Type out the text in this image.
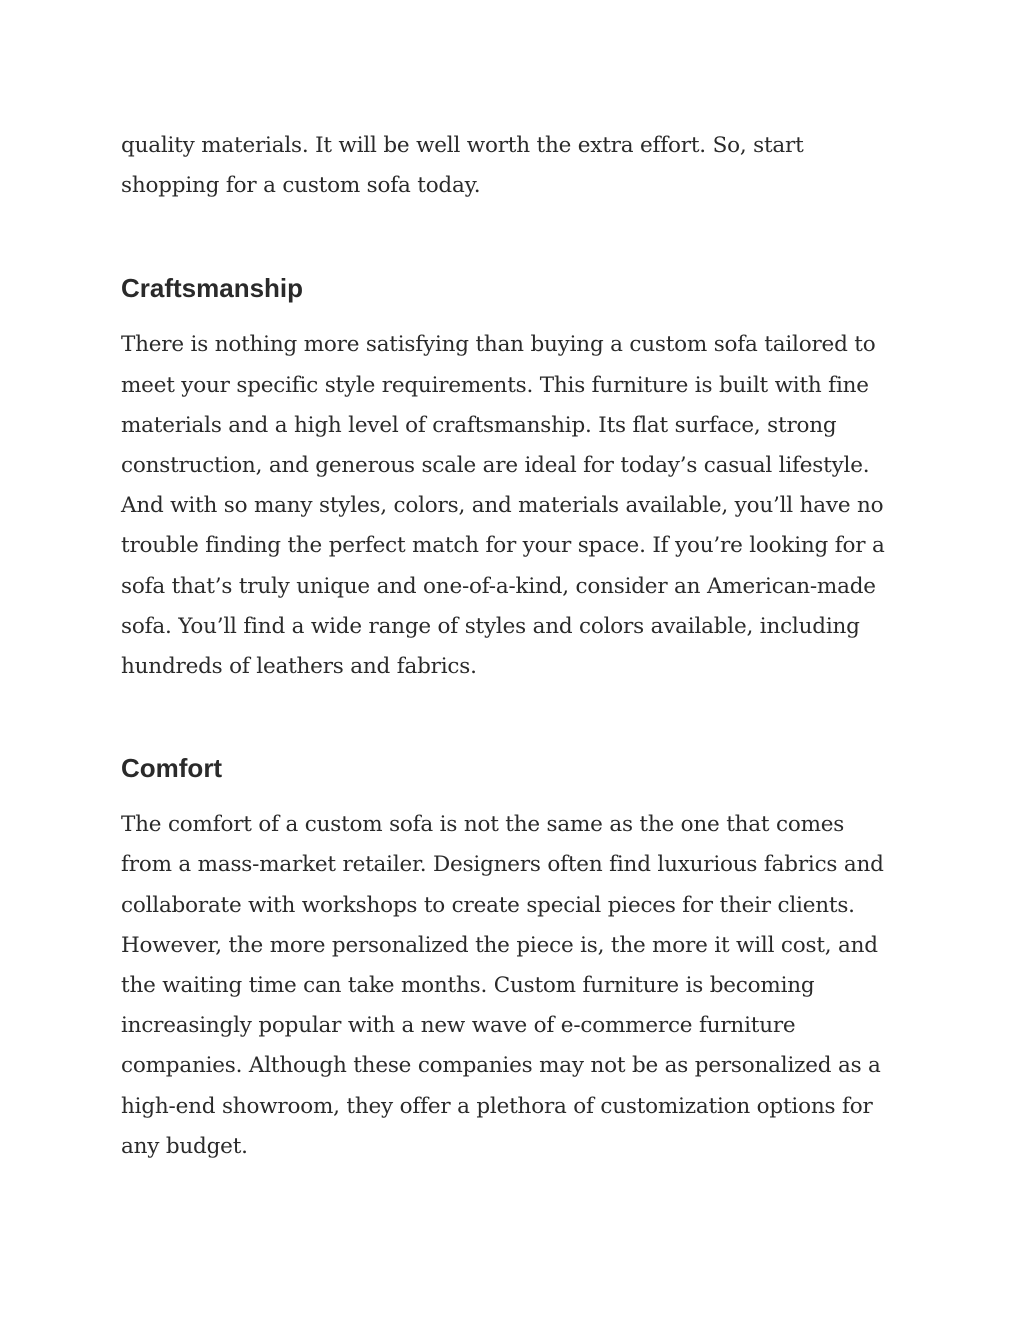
quality materials. It will be well worth the extra effort. So, start
shopping for a custom sofa today.

Craftsmanship

There is nothing more satisfying than buying a custom sofa tailored to
meet your specific style requirements. This furniture is built with fine
materials and a high level of craftsmanship. Its flat surface, strong
construction, and generous scale are ideal for today’s casual lifestyle.
And with so many styles, colors, and materials available, you’ll have no
trouble finding the perfect match for your space. If you’re looking for a
sofa that’s truly unique and one-of-a-kind, consider an American-made
sofa. You’ll find a wide range of styles and colors available, including
hundreds of leathers and fabrics.

Comfort

The comfort of a custom sofa is not the same as the one that comes
from a mass-market retailer. Designers often find luxurious fabrics and
collaborate with workshops to create special pieces for their clients.
However, the more personalized the piece is, the more it will cost, and
the waiting time can take months. Custom furniture is becoming
increasingly popular with a new wave of e-commerce furniture
companies. Although these companies may not be as personalized as a
high-end showroom, they offer a plethora of customization options for
any budget.
